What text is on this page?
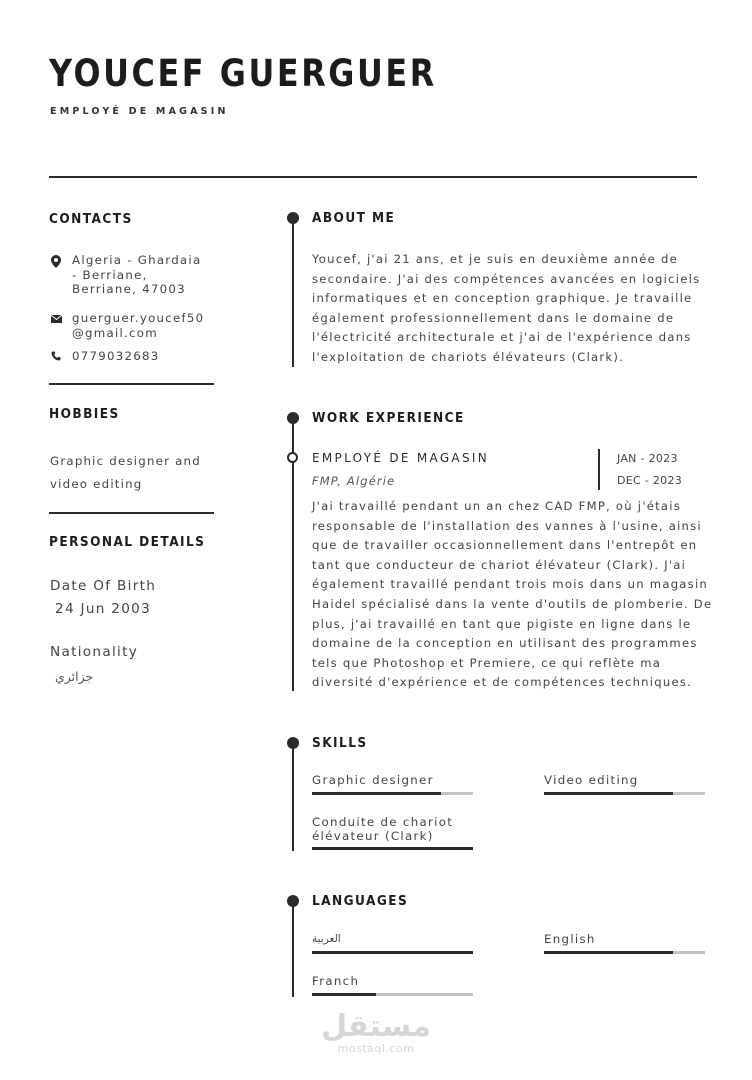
YOUCEF GUERGUER
EMPLOYÉ DE MAGASIN
CONTACTS
Algeria - Ghardaia
- Berriane,
Berriane, 47003
guerguer.youcef50
@gmail.com
0779032683
HOBBIES
Graphic designer and
video editing
PERSONAL DETAILS
Date Of Birth
24 Jun 2003
Nationality
جزائري
ABOUT ME
Youcef, j'ai 21 ans, et je suis en deuxième année de
secondaire. J'ai des compétences avancées en logiciels
informatiques et en conception graphique. Je travaille
également professionnellement dans le domaine de
l'électricité architecturale et j'ai de l'expérience dans
l'exploitation de chariots élévateurs (Clark).
WORK EXPERIENCE
EMPLOYÉ DE MAGASIN
FMP, Algérie
JAN - 2023
DEC - 2023
J'ai travaillé pendant un an chez CAD FMP, où j'étais
responsable de l'installation des vannes à l'usine, ainsi
que de travailler occasionnellement dans l'entrepôt en
tant que conducteur de chariot élévateur (Clark). J'ai
également travaillé pendant trois mois dans un magasin
Haidel spécialisé dans la vente d'outils de plomberie. De
plus, j'ai travaillé en tant que pigiste en ligne dans le
domaine de la conception en utilisant des programmes
tels que Photoshop et Premiere, ce qui reflète ma
diversité d'expérience et de compétences techniques.
SKILLS
Graphic designer	Video editing
Conduite de chariot
élévateur (Clark)
LANGUAGES
العربية	English
Franch
مستقل
mostaql.com
